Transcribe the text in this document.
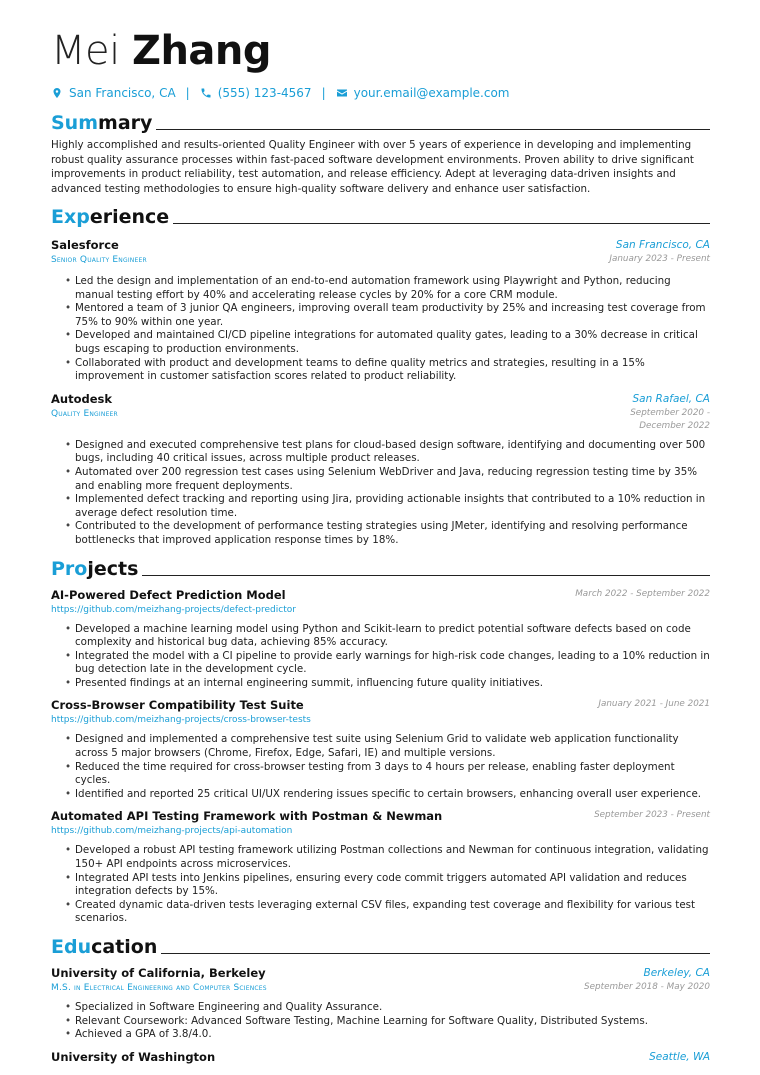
Mei Zhang
San Francisco, CA | (555) 123-4567 | your.email@example.com
Summary
Highly accomplished and results-oriented Quality Engineer with over 5 years of experience in developing and implementing robust quality assurance processes within fast-paced software development environments. Proven ability to drive significant improvements in product reliability, test automation, and release efficiency. Adept at leveraging data-driven insights and advanced testing methodologies to ensure high-quality software delivery and enhance user satisfaction.
Experience
Salesforce	San Francisco, CA
Senior Quality Engineer	January 2023 - Present
• Led the design and implementation of an end-to-end automation framework using Playwright and Python, reducing manual testing effort by 40% and accelerating release cycles by 20% for a core CRM module.
• Mentored a team of 3 junior QA engineers, improving overall team productivity by 25% and increasing test coverage from 75% to 90% within one year.
• Developed and maintained CI/CD pipeline integrations for automated quality gates, leading to a 30% decrease in critical bugs escaping to production environments.
• Collaborated with product and development teams to define quality metrics and strategies, resulting in a 15% improvement in customer satisfaction scores related to product reliability.
Autodesk	San Rafael, CA
Quality Engineer	September 2020 - December 2022
• Designed and executed comprehensive test plans for cloud-based design software, identifying and documenting over 500 bugs, including 40 critical issues, across multiple product releases.
• Automated over 200 regression test cases using Selenium WebDriver and Java, reducing regression testing time by 35% and enabling more frequent deployments.
• Implemented defect tracking and reporting using Jira, providing actionable insights that contributed to a 10% reduction in average defect resolution time.
• Contributed to the development of performance testing strategies using JMeter, identifying and resolving performance bottlenecks that improved application response times by 18%.
Projects
AI-Powered Defect Prediction Model	March 2022 - September 2022
https://github.com/meizhang-projects/defect-predictor
• Developed a machine learning model using Python and Scikit-learn to predict potential software defects based on code complexity and historical bug data, achieving 85% accuracy.
• Integrated the model with a CI pipeline to provide early warnings for high-risk code changes, leading to a 10% reduction in bug detection late in the development cycle.
• Presented findings at an internal engineering summit, influencing future quality initiatives.
Cross-Browser Compatibility Test Suite	January 2021 - June 2021
https://github.com/meizhang-projects/cross-browser-tests
• Designed and implemented a comprehensive test suite using Selenium Grid to validate web application functionality across 5 major browsers (Chrome, Firefox, Edge, Safari, IE) and multiple versions.
• Reduced the time required for cross-browser testing from 3 days to 4 hours per release, enabling faster deployment cycles.
• Identified and reported 25 critical UI/UX rendering issues specific to certain browsers, enhancing overall user experience.
Automated API Testing Framework with Postman & Newman	September 2023 - Present
https://github.com/meizhang-projects/api-automation
• Developed a robust API testing framework utilizing Postman collections and Newman for continuous integration, validating 150+ API endpoints across microservices.
• Integrated API tests into Jenkins pipelines, ensuring every code commit triggers automated API validation and reduces integration defects by 15%.
• Created dynamic data-driven tests leveraging external CSV files, expanding test coverage and flexibility for various test scenarios.
Education
University of California, Berkeley	Berkeley, CA
M.S. in Electrical Engineering and Computer Sciences	September 2018 - May 2020
• Specialized in Software Engineering and Quality Assurance.
• Relevant Coursework: Advanced Software Testing, Machine Learning for Software Quality, Distributed Systems.
• Achieved a GPA of 3.8/4.0.
University of Washington	Seattle, WA
